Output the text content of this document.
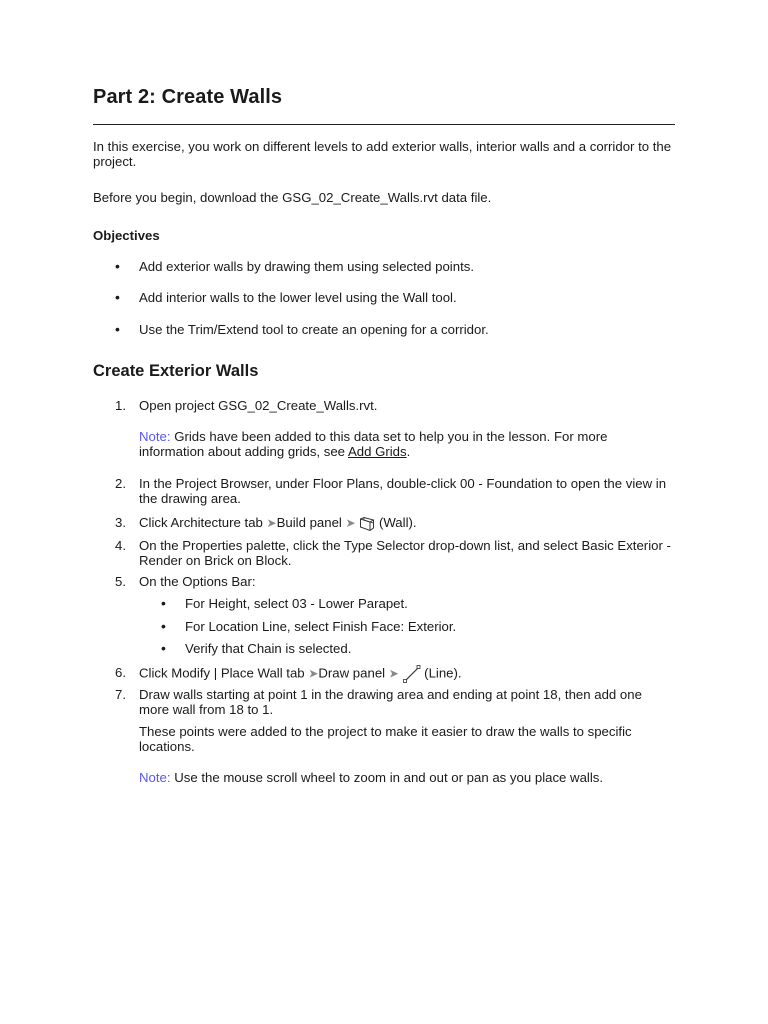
Part 2: Create Walls

In this exercise, you work on different levels to add exterior walls, interior walls and a corridor to the project.

Before you begin, download the GSG_02_Create_Walls.rvt data file.

Objectives

• Add exterior walls by drawing them using selected points.
• Add interior walls to the lower level using the Wall tool.
• Use the Trim/Extend tool to create an opening for a corridor.
Create Exterior Walls
1. Open project GSG_02_Create_Walls.rvt.
Note: Grids have been added to this data set to help you in the lesson. For more information about adding grids, see Add Grids.
2. In the Project Browser, under Floor Plans, double-click 00 - Foundation to open the view in the drawing area.
3. Click Architecture tab ➤Build panel ➤ (Wall).
4. On the Properties palette, click the Type Selector drop-down list, and select Basic Exterior - Render on Brick on Block.
5. On the Options Bar:
• For Height, select 03 - Lower Parapet.
• For Location Line, select Finish Face: Exterior.
• Verify that Chain is selected.
6. Click Modify | Place Wall tab ➤Draw panel ➤ (Line).
7. Draw walls starting at point 1 in the drawing area and ending at point 18, then add one more wall from 18 to 1.
These points were added to the project to make it easier to draw the walls to specific locations.
Note: Use the mouse scroll wheel to zoom in and out or pan as you place walls.
